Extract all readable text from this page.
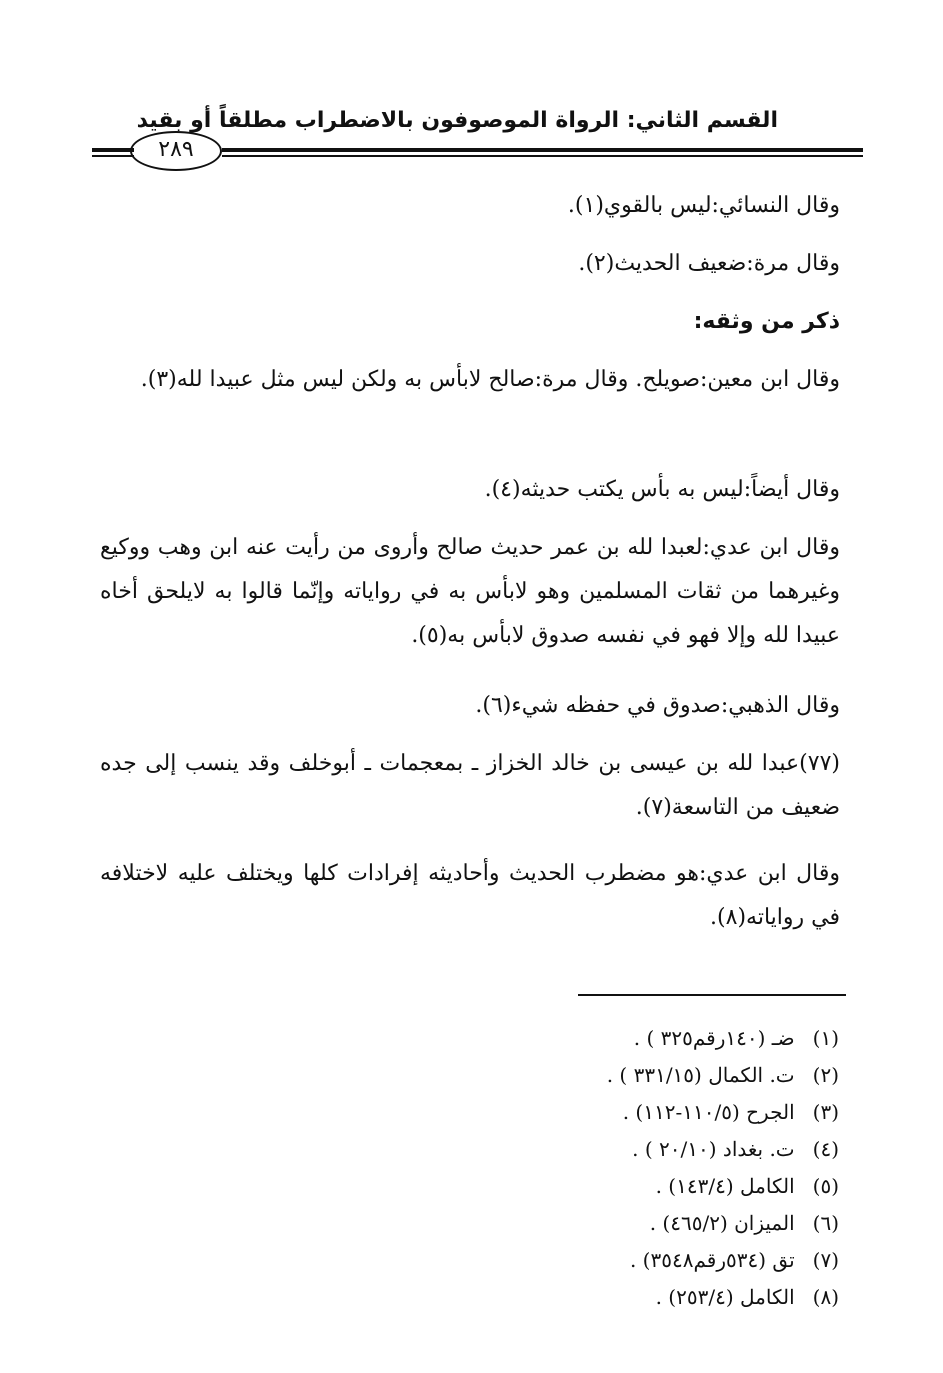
القسم الثاني: الرواة الموصوفون بالاضطراب مطلقاً أو بقيد
٢٨٩

وقال النسائي:ليس بالقوي(١).

وقال مرة:ضعيف الحديث(٢).

ذكر من وثقه:

وقال ابن معين:صويلح. وقال مرة:صالح لابأس به ولكن ليس مثل عبيدا لله(٣).

وقال أيضاً:ليس به بأس يكتب حديثه(٤).

وقال ابن عدي:لعبدا لله بن عمر حديث صالح وأروى من رأيت عنه ابن وهب ووكيع وغيرهما من ثقات المسلمين وهو لابأس به في رواياته وإنّما قالوا به لايلحق أخاه عبيدا لله وإلا فهو في نفسه صدوق لابأس به(٥).

وقال الذهبي:صدوق في حفظه شيء(٦).

(٧٧)عبدا لله بن عيسى بن خالد الخزاز ـ بمعجمات ـ أبوخلف وقد ينسب إلى جده ضعيف من التاسعة(٧).

وقال ابن عدي:هو مضطرب الحديث وأحاديثه إفرادات كلها ويختلف عليه لاختلافه في رواياته(٨).

(١) ضـ (١٤٠رقم٣٢٥ ) .
(٢) ت. الكمال (٣٣١/١٥ ) .
(٣) الجرح (١١٠/٥-١١٢) .
(٤) ت. بغداد (٢٠/١٠ ) .
(٥) الكامل (١٤٣/٤) .
(٦) الميزان (٤٦٥/٢) .
(٧) تق (٥٣٤رقم٣٥٤٨) .
(٨) الكامل (٢٥٣/٤) .
